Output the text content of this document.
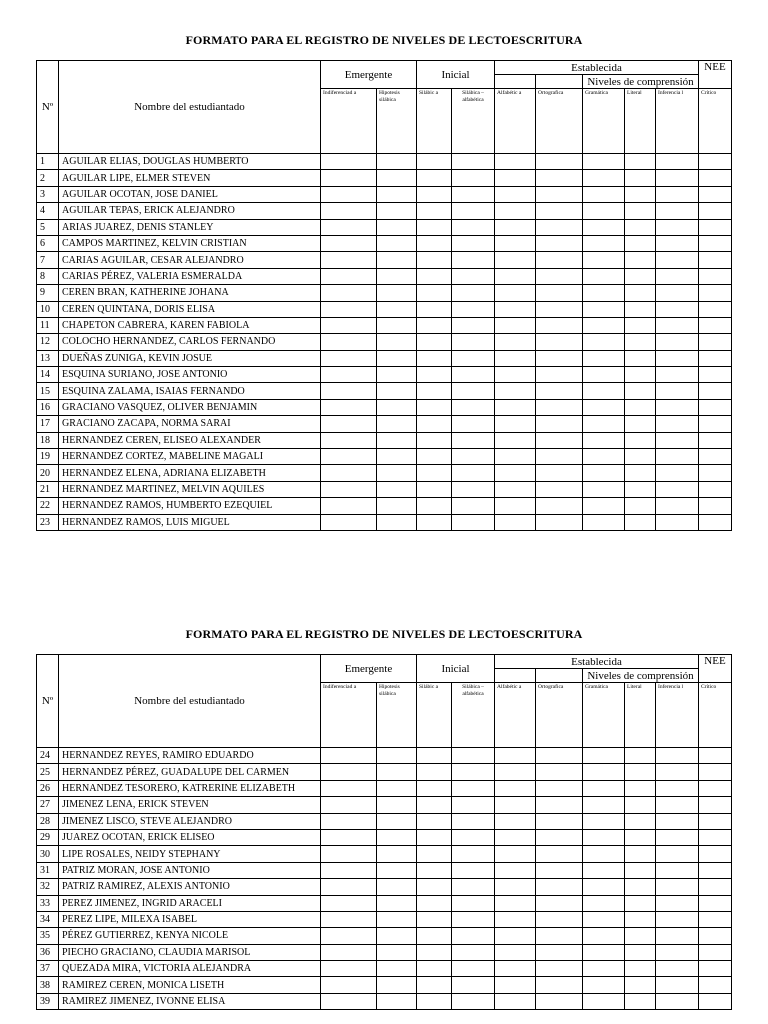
FORMATO PARA EL REGISTRO DE NIVELES DE LECTOESCRITURA
Nº	Nombre del estudiantado	Emergente		Inicial		Establecida					NEE
								Niveles de comprensión			

		Indiferenciad a	Hipotesis silábica	Silábic a	Silábica – alfabética	Alfabétic a	Ortografica	Gramática	Literal	Inferencia l	Crítico
1	AGUILAR ELIAS, DOUGLAS HUMBERTO										
2	AGUILAR LIPE, ELMER STEVEN										
3	AGUILAR OCOTAN, JOSE DANIEL										
4	AGUILAR TEPAS, ERICK ALEJANDRO										
5	ARIAS JUAREZ, DENIS STANLEY										
6	CAMPOS MARTINEZ, KELVIN CRISTIAN										
7	CARIAS AGUILAR, CESAR ALEJANDRO										
8	CARIAS PÉREZ, VALERIA ESMERALDA										
9	CEREN BRAN, KATHERINE JOHANA										
10	CEREN QUINTANA, DORIS ELISA										
11	CHAPETON CABRERA, KAREN FABIOLA										
12	COLOCHO HERNANDEZ, CARLOS FERNANDO										
13	DUEÑAS ZUNIGA, KEVIN JOSUE										
14	ESQUINA SURIANO, JOSE ANTONIO										
15	ESQUINA ZALAMA, ISAIAS FERNANDO										
16	GRACIANO VASQUEZ, OLIVER BENJAMIN										
17	GRACIANO ZACAPA, NORMA SARAI										
18	HERNANDEZ CEREN, ELISEO ALEXANDER										
19	HERNANDEZ CORTEZ, MABELINE MAGALI										
20	HERNANDEZ ELENA, ADRIANA ELIZABETH										
21	HERNANDEZ MARTINEZ, MELVIN AQUILES										
22	HERNANDEZ RAMOS, HUMBERTO EZEQUIEL										
23	HERNANDEZ RAMOS, LUIS MIGUEL										
FORMATO PARA EL REGISTRO DE NIVELES DE LECTOESCRITURA
Nº	Nombre del estudiantado	Emergente		Inicial		Establecida					NEE
								Niveles de comprensión			

		Indiferenciad a	Hipotesis silábica	Silábic a	Silábica – alfabética	Alfabétic a	Ortografica	Gramática	Literal	Inferencia l	Crítico
24	HERNANDEZ REYES, RAMIRO EDUARDO										
25	HERNANDEZ PÉREZ, GUADALUPE DEL CARMEN										
26	HERNANDEZ TESORERO, KATRERINE ELIZABETH										
27	JIMENEZ LENA, ERICK STEVEN										
28	JIMENEZ LISCO, STEVE ALEJANDRO										
29	JUAREZ OCOTAN, ERICK ELISEO										
30	LIPE ROSALES, NEIDY STEPHANY										
31	PATRIZ MORAN, JOSE ANTONIO										
32	PATRIZ RAMIREZ, ALEXIS ANTONIO										
33	PEREZ JIMENEZ, INGRID ARACELI										
34	PEREZ LIPE, MILEXA ISABEL										
35	PÉREZ GUTIERREZ, KENYA NICOLE										
36	PIECHO GRACIANO, CLAUDIA MARISOL										
37	QUEZADA MIRA, VICTORIA ALEJANDRA										
38	RAMIREZ CEREN, MONICA LISETH										
39	RAMIREZ JIMENEZ, IVONNE ELISA										
